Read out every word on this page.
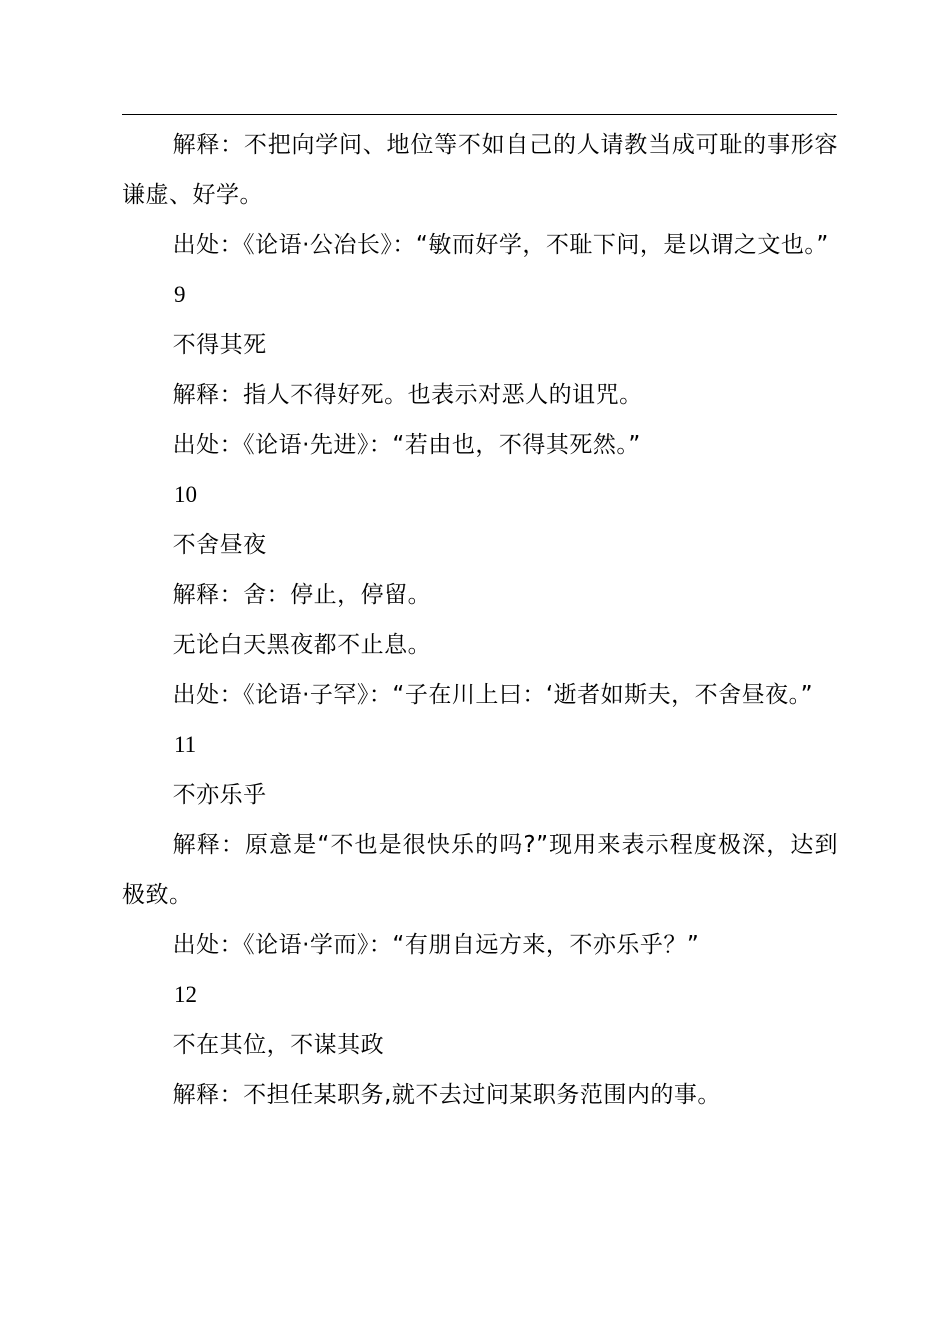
解释：不把向学问、地位等不如自己的人请教当成可耻的事形容谦虚、好学。

出处：《论语·公冶长》：“敏而好学，不耻下问，是以谓之文也。”

9

不得其死

解释：指人不得好死。也表示对恶人的诅咒。

出处：《论语·先进》：“若由也，不得其死然。”

10

不舍昼夜

解释：舍：停止，停留。

无论白天黑夜都不止息。

出处：《论语·子罕》：“子在川上曰：‘逝者如斯夫，不舍昼夜。”

11

不亦乐乎

解释：原意是“不也是很快乐的吗?”现用来表示程度极深，达到极致。

出处：《论语·学而》：“有朋自远方来，不亦乐乎？”

12

不在其位，不谋其政

解释：不担任某职务,就不去过问某职务范围内的事。
